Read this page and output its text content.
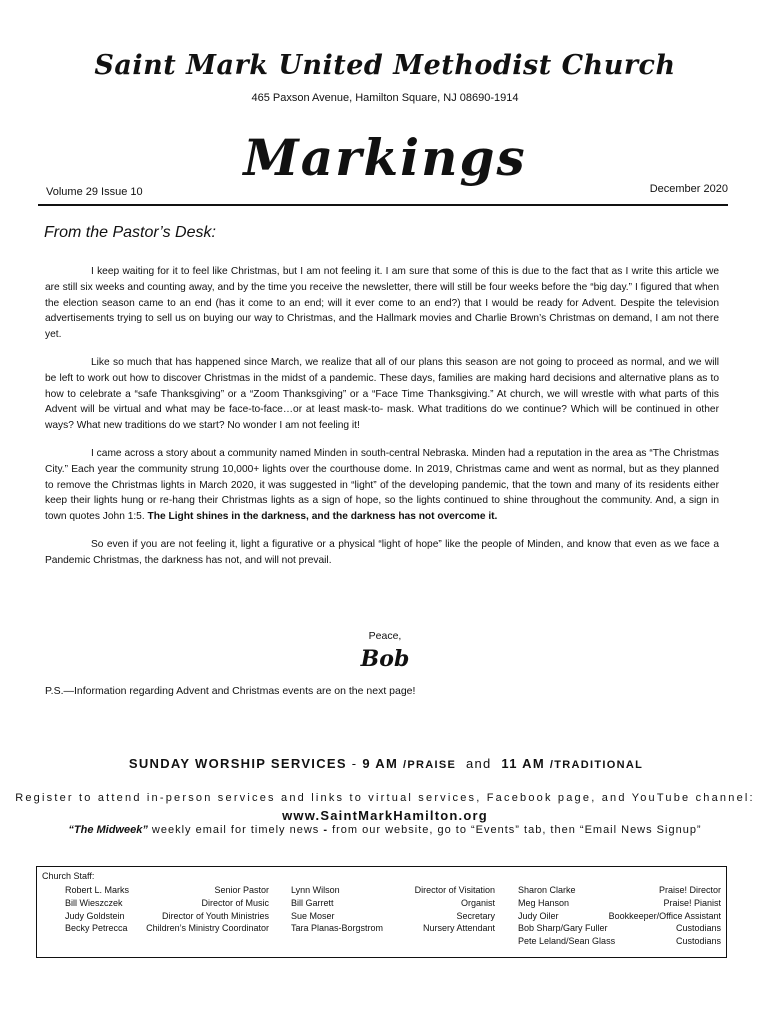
Saint Mark United Methodist Church
465 Paxson Avenue, Hamilton Square, NJ 08690-1914
Markings
Volume 29 Issue 10	December 2020
From the Pastor’s Desk:

I keep waiting for it to feel like Christmas, but I am not feeling it. I am sure that some of this is due to the fact that as I write this article we are still six weeks and counting away, and by the time you receive the newsletter, there will still be four weeks before the “big day.” I figured that when the election season came to an end (has it come to an end; will it ever come to an end?) that I would be ready for Advent. Despite the television advertisements trying to sell us on buying our way to Christmas, and the Hallmark movies and Charlie Brown’s Christmas on demand, I am not there yet.

Like so much that has happened since March, we realize that all of our plans this season are not going to proceed as normal, and we will be left to work out how to discover Christmas in the midst of a pandemic. These days, families are making hard decisions and alternative plans as to how to celebrate a “safe Thanksgiving” or a “Zoom Thanksgiving” or a “Face Time Thanksgiving.” At church, we will wrestle with what parts of this Advent will be virtual and what may be face-to-face…or at least mask-to- mask. What traditions do we continue? Which will be continued in other ways? What new traditions do we start? No wonder I am not feeling it!

I came across a story about a community named Minden in south-central Nebraska. Minden had a reputation in the area as “The Christmas City.” Each year the community strung 10,000+ lights over the courthouse dome. In 2019, Christmas came and went as normal, but as they planned to remove the Christmas lights in March 2020, it was suggested in “light” of the developing pandemic, that the town and many of its residents either keep their lights hung or re-hang their Christmas lights as a sign of hope, so the lights continued to shine throughout the community. And, a sign in town quotes John 1:5. The Light shines in the darkness, and the darkness has not overcome it.

So even if you are not feeling it, light a figurative or a physical “light of hope” like the people of Minden, and know that even as we face a Pandemic Christmas, the darkness has not, and will not prevail.

Peace,
Bob
P.S.—Information regarding Advent and Christmas events are on the next page!
SUNDAY WORSHIP SERVICES - 9 AM /PRAISE and 11 AM /TRADITIONAL
Register to attend in-person services and links to virtual services, Facebook page, and YouTube channel: www.SaintMarkHamilton.org
“The Midweek” weekly email for timely news - from our website, go to “Events” tab, then “Email News Signup”
Church Staff:
Robert L. Marks	Senior Pastor
Bill Wieszczek	Director of Music
Judy Goldstein	Director of Youth Ministries
Becky Petrecca Children’s Ministry Coordinator
Lynn Wilson	Director of Visitation
Bill Garrett	Organist
Sue Moser	Secretary
Tara Planas-Borgstrom	Nursery Attendant
Sharon Clarke	Praise! Director
Meg Hanson	Praise! Pianist
Judy Oiler	Bookkeeper/Office Assistant
Bob Sharp/Gary Fuller	Custodians
Pete Leland/Sean Glass	Custodians
